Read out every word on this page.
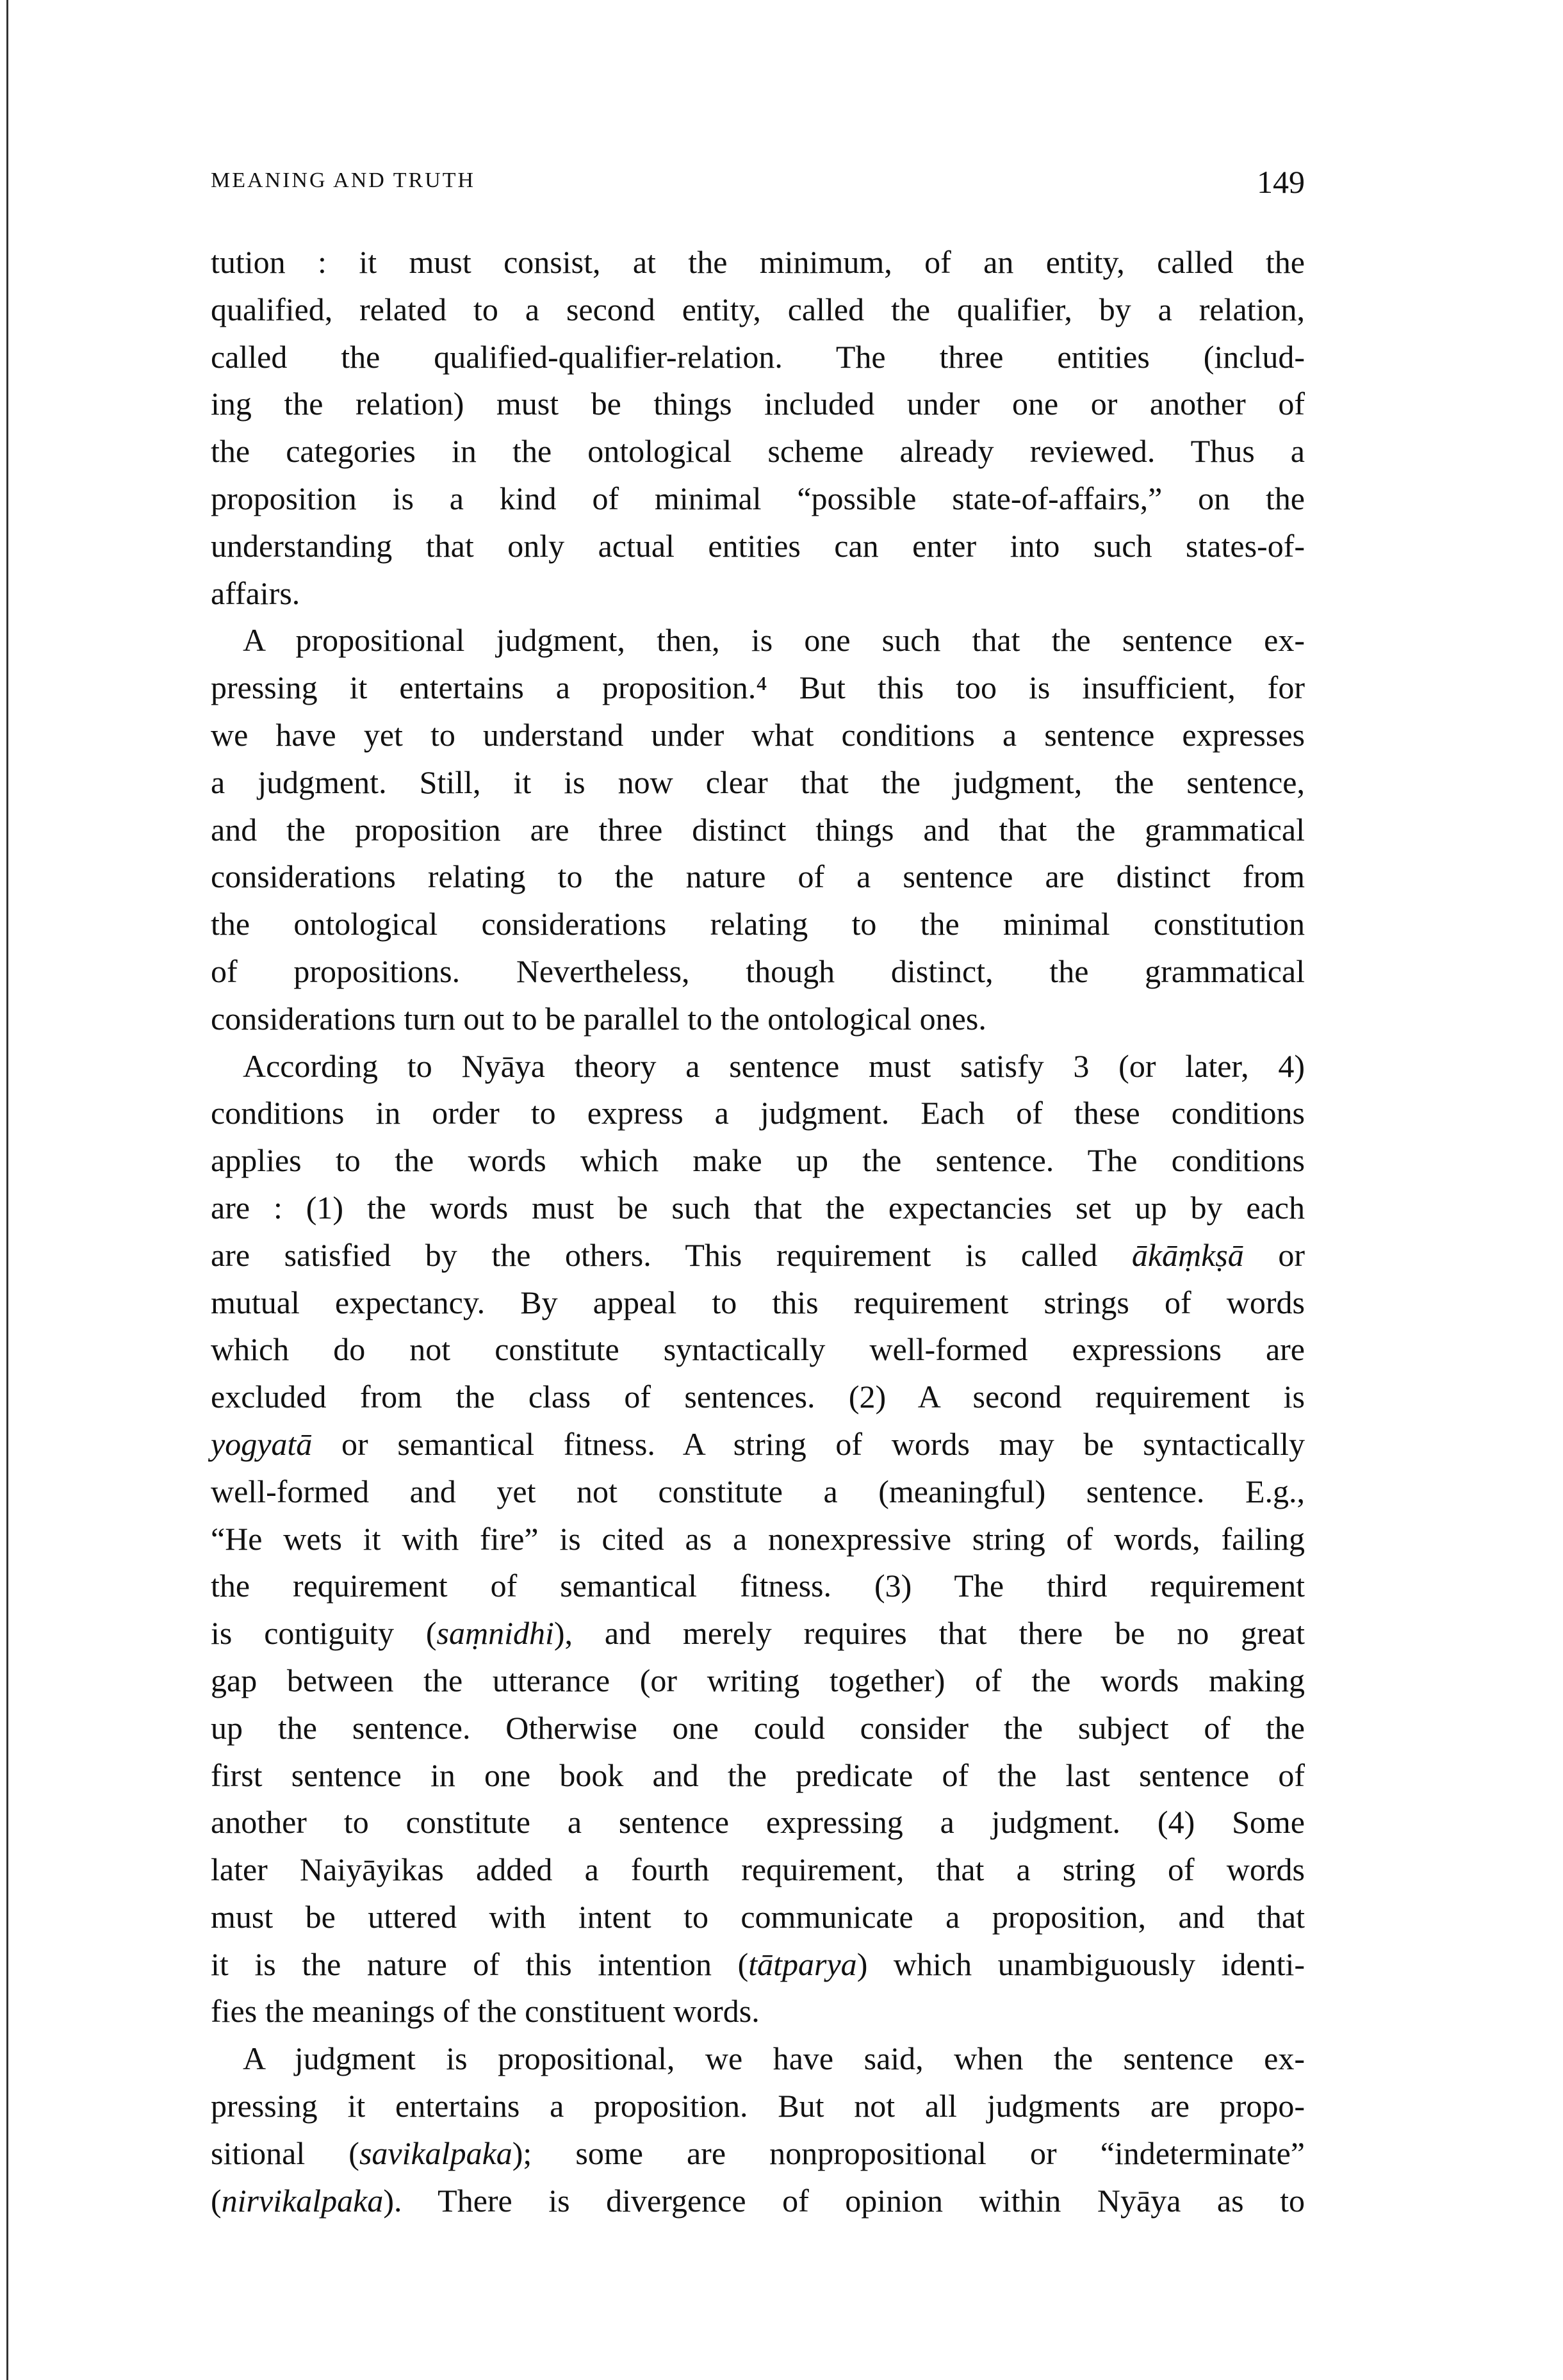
MEANING AND TRUTH	149
tution : it must consist, at the minimum, of an entity, called the
qualified, related to a second entity, called the qualifier, by a relation,
called the qualified-qualifier-relation. The three entities (includ-
ing the relation) must be things included under one or another of
the categories in the ontological scheme already reviewed. Thus a
proposition is a kind of minimal “possible state-of-affairs,” on the
understanding that only actual entities can enter into such states-of-
affairs.
A propositional judgment, then, is one such that the sentence ex-
pressing it entertains a proposition.⁴ But this too is insufficient, for
we have yet to understand under what conditions a sentence expresses
a judgment. Still, it is now clear that the judgment, the sentence,
and the proposition are three distinct things and that the grammatical
considerations relating to the nature of a sentence are distinct from
the ontological considerations relating to the minimal constitution
of propositions. Nevertheless, though distinct, the grammatical
considerations turn out to be parallel to the ontological ones.
According to Nyāya theory a sentence must satisfy 3 (or later, 4)
conditions in order to express a judgment. Each of these conditions
applies to the words which make up the sentence. The conditions
are : (1) the words must be such that the expectancies set up by each
are satisfied by the others. This requirement is called ākāṃkṣā or
mutual expectancy. By appeal to this requirement strings of words
which do not constitute syntactically well-formed expressions are
excluded from the class of sentences. (2) A second requirement is
yogyatā or semantical fitness. A string of words may be syntactically
well-formed and yet not constitute a (meaningful) sentence. E.g.,
“He wets it with fire” is cited as a nonexpressive string of words, failing
the requirement of semantical fitness. (3) The third requirement
is contiguity (saṃnidhi), and merely requires that there be no great
gap between the utterance (or writing together) of the words making
up the sentence. Otherwise one could consider the subject of the
first sentence in one book and the predicate of the last sentence of
another to constitute a sentence expressing a judgment. (4) Some
later Naiyāyikas added a fourth requirement, that a string of words
must be uttered with intent to communicate a proposition, and that
it is the nature of this intention (tātparya) which unambiguously identi-
fies the meanings of the constituent words.
A judgment is propositional, we have said, when the sentence ex-
pressing it entertains a proposition. But not all judgments are propo-
sitional (savikalpaka); some are nonpropositional or “indeterminate”
(nirvikalpaka). There is divergence of opinion within Nyāya as to
